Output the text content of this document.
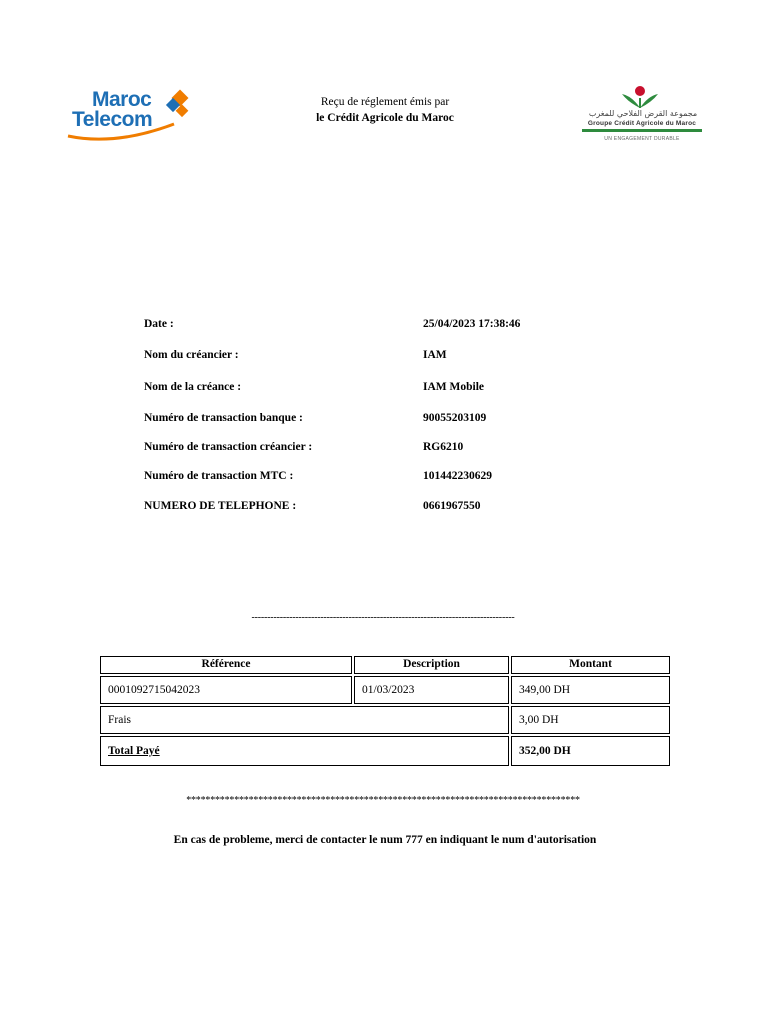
Maroc
Telecom
Reçu de réglement émis par
le Crédit Agricole du Maroc	مجموعة القرض الفلاحي للمغرب
Groupe Crédit Agricole du Maroc
UN ENGAGEMENT DURABLE
Date :	25/04/2023 17:38:46
Nom du créancier :	IAM
Nom de la créance :	IAM Mobile
Numéro de transaction banque :	90055203109
Numéro de transaction créancier :	RG6210
Numéro de transaction MTC :	101442230629
NUMERO DE TELEPHONE :	0661967550
------------------------------------------------------------------------------------
Référence	Description	Montant
0001092715042023	01/03/2023	349,00 DH
Frais	3,00 DH
Total Payé	352,00 DH
**********************************************************************************
En cas de probleme, merci de contacter le num 777 en indiquant le num d'autorisation
